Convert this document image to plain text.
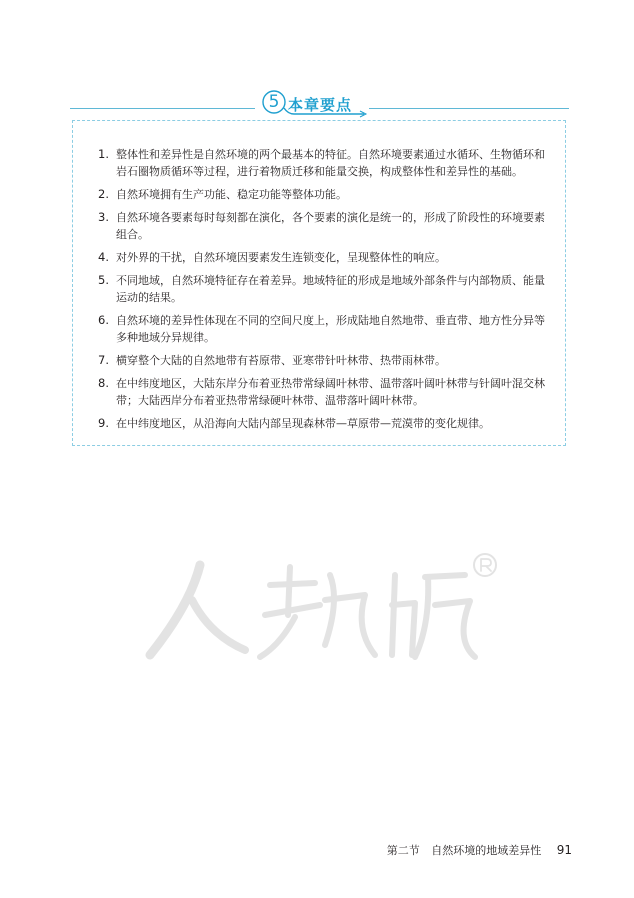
5 本章要点
1. 整体性和差异性是自然环境的两个最基本的特征。自然环境要素通过水循环、生物循环和岩石圈物质循环等过程，进行着物质迁移和能量交换，构成整体性和差异性的基础。
2. 自然环境拥有生产功能、稳定功能等整体功能。
3. 自然环境各要素每时每刻都在演化，各个要素的演化是统一的，形成了阶段性的环境要素组合。
4. 对外界的干扰，自然环境因要素发生连锁变化，呈现整体性的响应。
5. 不同地域，自然环境特征存在着差异。地域特征的形成是地域外部条件与内部物质、能量运动的结果。
6. 自然环境的差异性体现在不同的空间尺度上，形成陆地自然地带、垂直带、地方性分异等多种地域分异规律。
7. 横穿整个大陆的自然地带有苔原带、亚寒带针叶林带、热带雨林带。
8. 在中纬度地区，大陆东岸分布着亚热带常绿阔叶林带、温带落叶阔叶林带与针阔叶混交林带；大陆西岸分布着亚热带常绿硬叶林带、温带落叶阔叶林带。
9. 在中纬度地区，从沿海向大陆内部呈现森林带—草原带—荒漠带的变化规律。
第二节 自然环境的地域差异性 91
